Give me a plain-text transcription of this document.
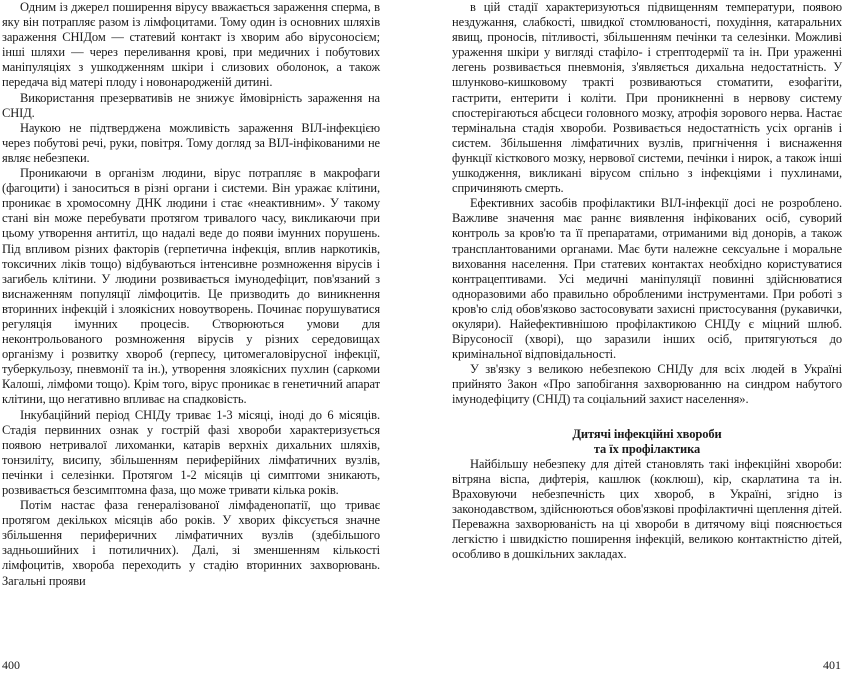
Одним із джерел поширення вірусу вважається зараження сперма, в яку він потрапляє разом із лімфоцитами. Тому один із основних шляхів зараження СНІДом — статевий контакт із хворим або вірусоносієм; інші шляхи — через переливання крові, при медичних і побутових маніпуляціях з ушкодженням шкіри і слизових оболонок, а також передача від матері плоду і новонародженій дитині.

Використання презервативів не знижує ймовірність зараження на СНІД.

Наукою не підтверджена можливість зараження ВІЛ-інфекцією через побутові речі, руки, повітря. Тому догляд за ВІЛ-інфікованими не являє небезпеки.

Проникаючи в організм людини, вірус потрапляє в макрофаги (фагоцити) і заноситься в різні органи і системи. Він уражає клітини, проникає в хромосомну ДНК людини і стає «неактивним». У такому стані він може перебувати протягом тривалого часу, викликаючи при цьому утворення антитіл, що надалі веде до появи імунних порушень. Під впливом різних факторів (герпетична інфекція, вплив наркотиків, токсичних ліків тощо) відбуваються інтенсивне розмноження вірусів і загибель клітини. У людини розвивається імунодефіцит, пов'язаний з виснаженням популяції лімфоцитів. Це призводить до виникнення вторинних інфекцій і злоякісних новоутворень. Починає порушуватися регуляція імунних процесів. Створюються умови для неконтрольованого розмноження вірусів у різних середовищах організму і розвитку хвороб (герпесу, цитомегаловірусної інфекції, туберкульозу, пневмонії та ін.), утворення злоякісних пухлин (саркоми Калоші, лімфоми тощо). Крім того, вірус проникає в генетичний апарат клітини, що негативно впливає на спадковість.

Інкубаційний період СНІДу триває 1-3 місяці, іноді до 6 місяців. Стадія первинних ознак у гострій фазі хвороби характеризується появою нетривалої лихоманки, катарів верхніх дихальних шляхів, тонзиліту, висипу, збільшенням периферійних лімфатичних вузлів, печінки і селезінки. Протягом 1-2 місяців ці симптоми зникають, розвивається безсимптомна фаза, що може тривати кілька років.

Потім настає фаза генералізованої лімфаденопатії, що триває протягом декількох місяців або років. У хворих фіксується значне збільшення периферичних лімфатичних вузлів (здебільшого задньошийних і потиличних). Далі, зі зменшенням кількості лімфоцитів, хвороба переходить у стадію вторинних захворювань. Загальні прояви

400

в цій стадії характеризуються підвищенням температури, появою нездужання, слабкості, швидкої стомлюваності, похудіння, катаральних явищ, проносів, пітливості, збільшенням печінки та селезінки. Можливі ураження шкіри у вигляді стафіло- і стрептодермії та ін. При ураженні легень розвивається пневмонія, з'являється дихальна недостатність. У шлунково-кишковому тракті розвиваються стоматити, езофагіти, гастрити, ентерити і коліти. При проникненні в нервову систему спостерігаються абсцеси головного мозку, атрофія зорового нерва. Настає термінальна стадія хвороби. Розвивається недостатність усіх органів і систем. Збільшення лімфатичних вузлів, пригнічення і виснаження функції кісткового мозку, нервової системи, печінки і нирок, а також інші ушкодження, викликані вірусом спільно з інфекціями і пухлинами, спричиняють смерть.

Ефективних засобів профілактики ВІЛ-інфекції досі не розроблено. Важливе значення має раннє виявлення інфікованих осіб, суворий контроль за кров'ю та її препаратами, отриманими від донорів, а також трансплантованими органами. Має бути належне сексуальне і моральне виховання населення. При статевих контактах необхідно користуватися контрацептивами. Усі медичні маніпуляції повинні здійснюватися одноразовими або правильно обробленими інструментами. При роботі з кров'ю слід обов'язково застосовувати захисні пристосування (рукавички, окуляри). Найефективнішою профілактикою СНІДу є міцний шлюб. Вірусоносії (хворі), що заразили інших осіб, притягуються до кримінальної відповідальності.

У зв'язку з великою небезпекою СНІДу для всіх людей в Україні прийнято Закон «Про запобігання захворюванню на синдром набутого імунодефіциту (СНІД) та соціальний захист населення».

Дитячі інфекційні хвороби
та їх профілактика

Найбільшу небезпеку для дітей становлять такі інфекційні хвороби: вітряна віспа, дифтерія, кашлюк (коклюш), кір, скарлатина та ін. Враховуючи небезпечність цих хвороб, в Україні, згідно із законодавством, здійснюються обов'язкові профілактичні щеплення дітей. Переважна захворюваність на ці хвороби в дитячому віці пояснюється легкістю і швидкістю поширення інфекцій, великою контактністю дітей, особливо в дошкільних закладах.

401
